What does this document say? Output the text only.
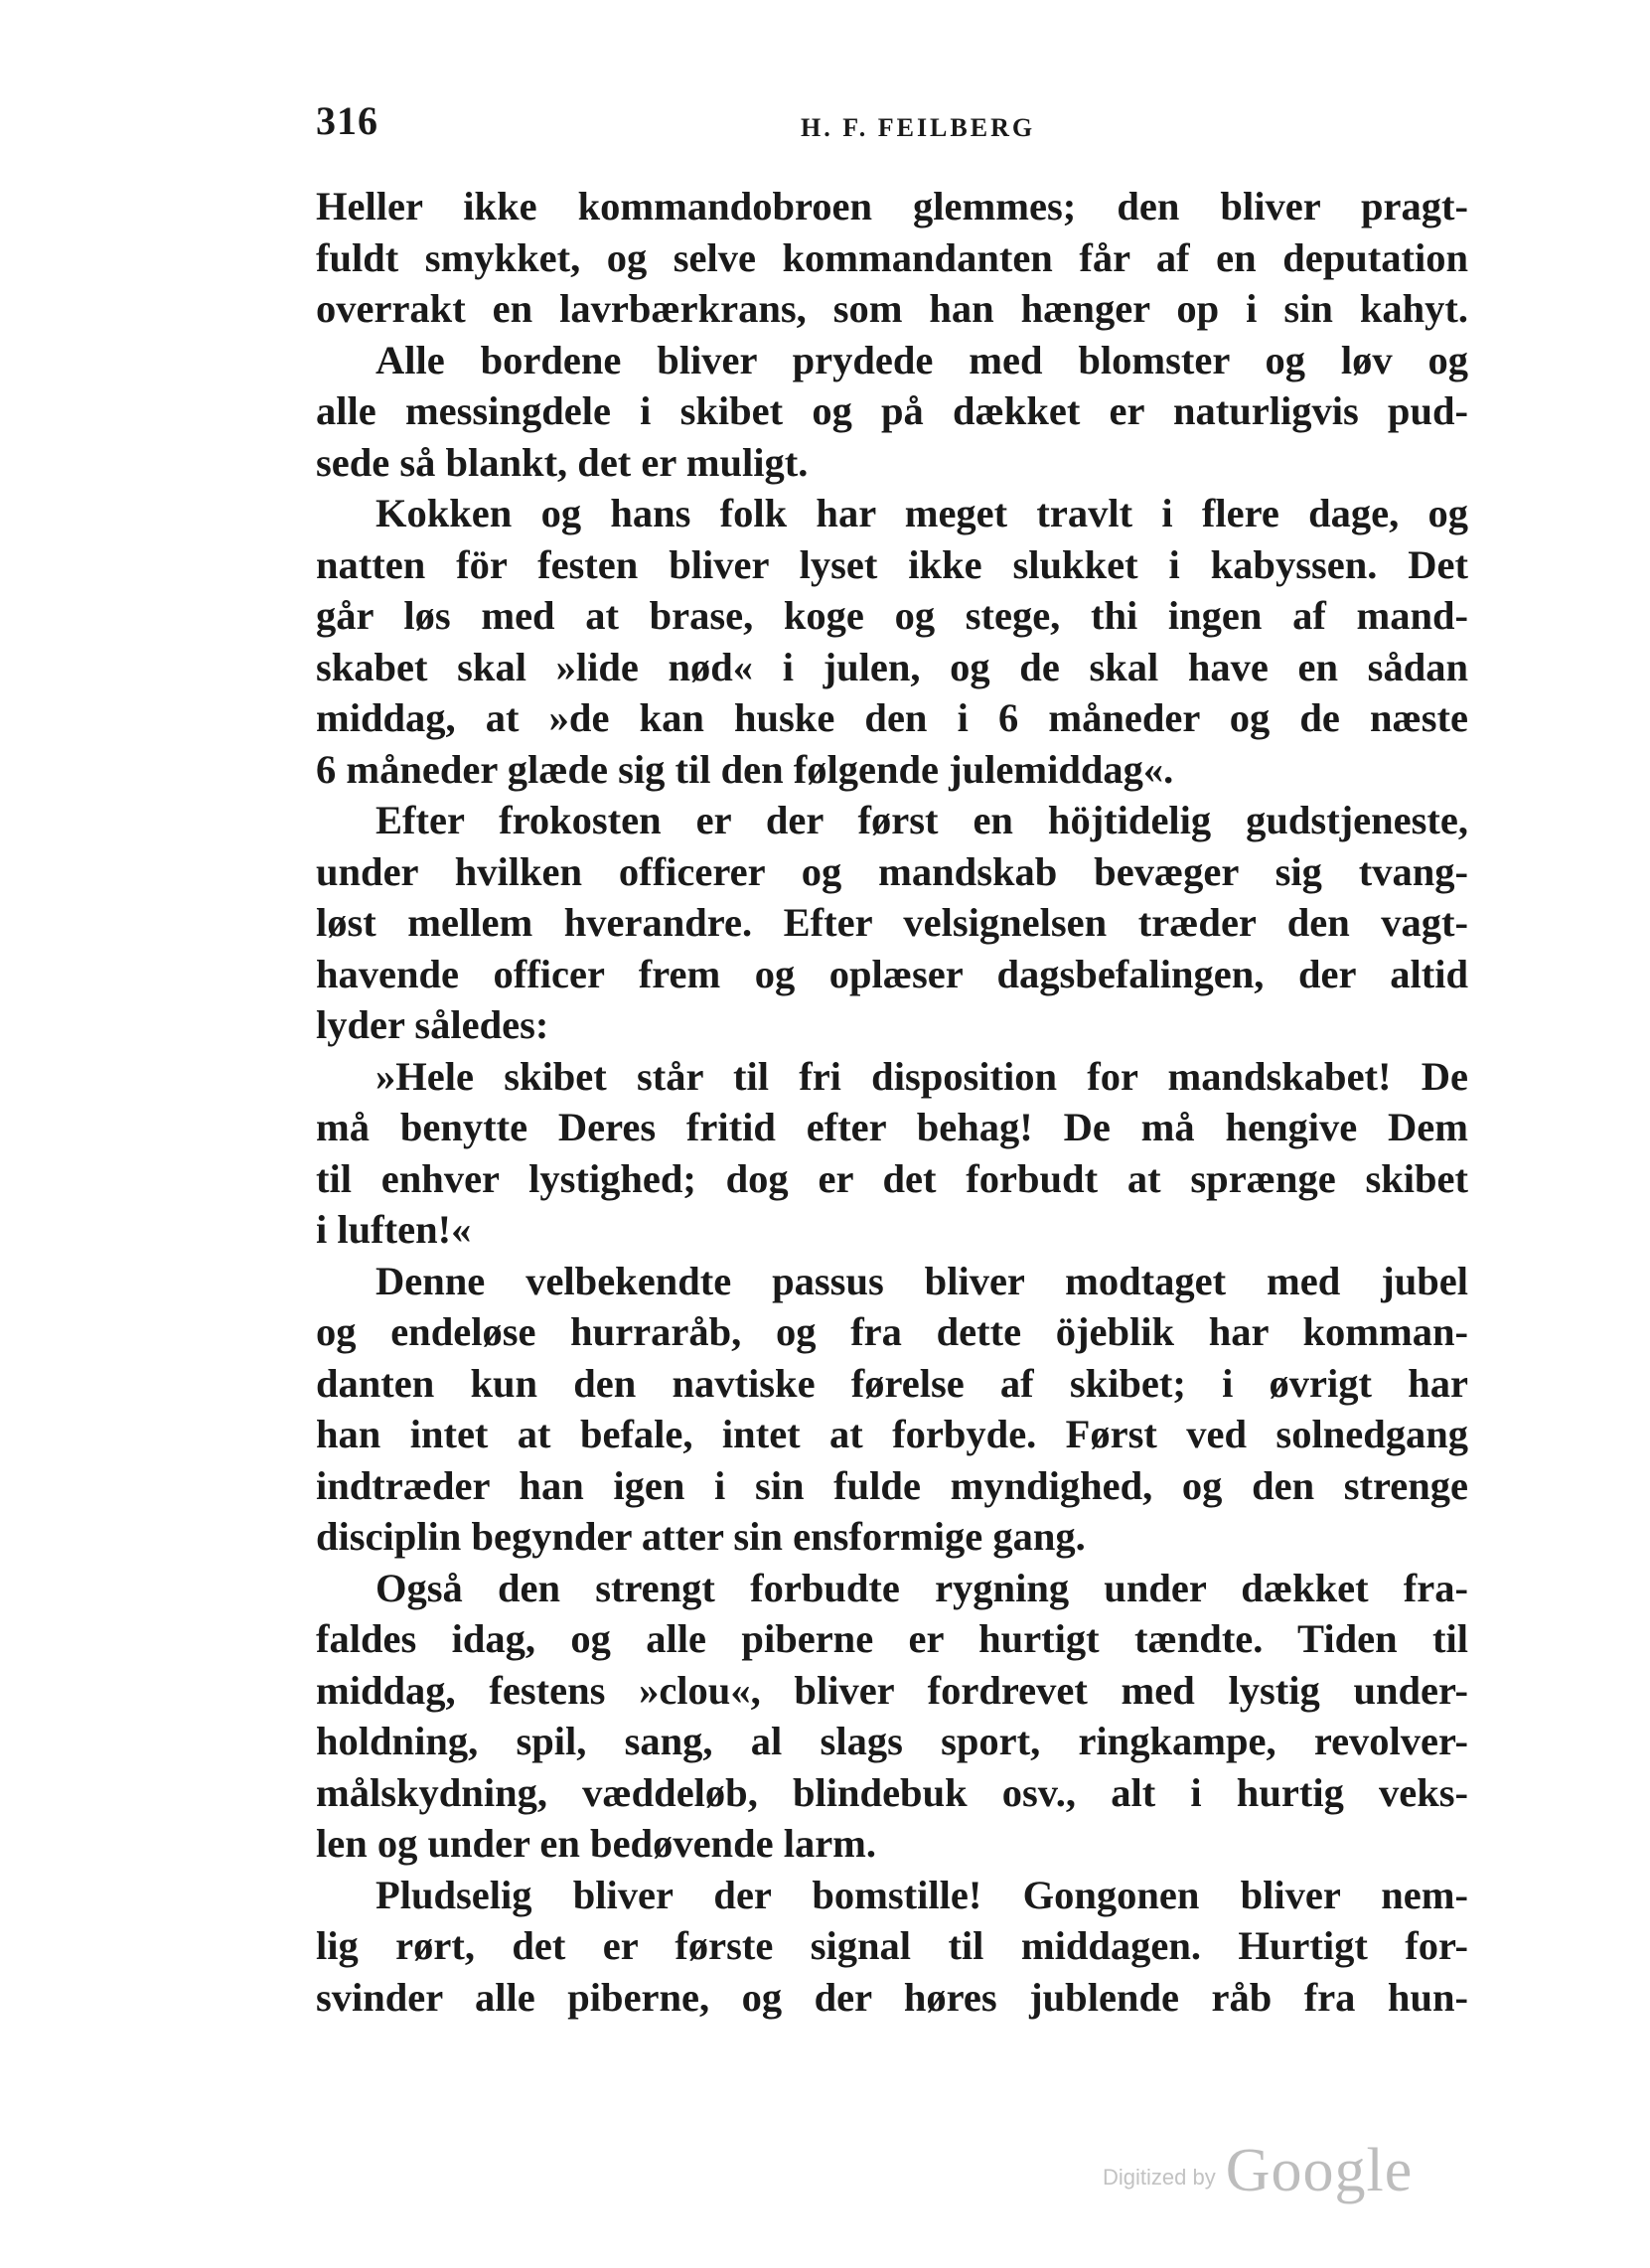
316	H. F. FEILBERG
Heller ikke kommandobroen glemmes; den bliver pragt-
fuldt smykket, og selve kommandanten får af en deputation
overrakt en lavrbærkrans, som han hænger op i sin kahyt.
Alle bordene bliver prydede med blomster og løv og
alle messingdele i skibet og på dækket er naturligvis pud-
sede så blankt, det er muligt.
Kokken og hans folk har meget travlt i flere dage, og
natten för festen bliver lyset ikke slukket i kabyssen. Det
går løs med at brase, koge og stege, thi ingen af mand-
skabet skal »lide nød« i julen, og de skal have en sådan
middag, at »de kan huske den i 6 måneder og de næste
6 måneder glæde sig til den følgende julemiddag«.
Efter frokosten er der først en höjtidelig gudstjeneste,
under hvilken officerer og mandskab bevæger sig tvang-
løst mellem hverandre. Efter velsignelsen træder den vagt-
havende officer frem og oplæser dagsbefalingen, der altid
lyder således:
»Hele skibet står til fri disposition for mandskabet! De
må benytte Deres fritid efter behag! De må hengive Dem
til enhver lystighed; dog er det forbudt at sprænge skibet
i luften!«
Denne velbekendte passus bliver modtaget med jubel
og endeløse hurraråb, og fra dette öjeblik har komman-
danten kun den navtiske førelse af skibet; i øvrigt har
han intet at befale, intet at forbyde. Først ved solnedgang
indtræder han igen i sin fulde myndighed, og den strenge
disciplin begynder atter sin ensformige gang.
Også den strengt forbudte rygning under dækket fra-
faldes idag, og alle piberne er hurtigt tændte. Tiden til
middag, festens »clou«, bliver fordrevet med lystig under-
holdning, spil, sang, al slags sport, ringkampe, revolver-
målskydning, væddeløb, blindebuk osv., alt i hurtig veks-
len og under en bedøvende larm.
Pludselig bliver der bomstille! Gongonen bliver nem-
lig rørt, det er første signal til middagen. Hurtigt for-
svinder alle piberne, og der høres jublende råb fra hun-
Digitized by Google
